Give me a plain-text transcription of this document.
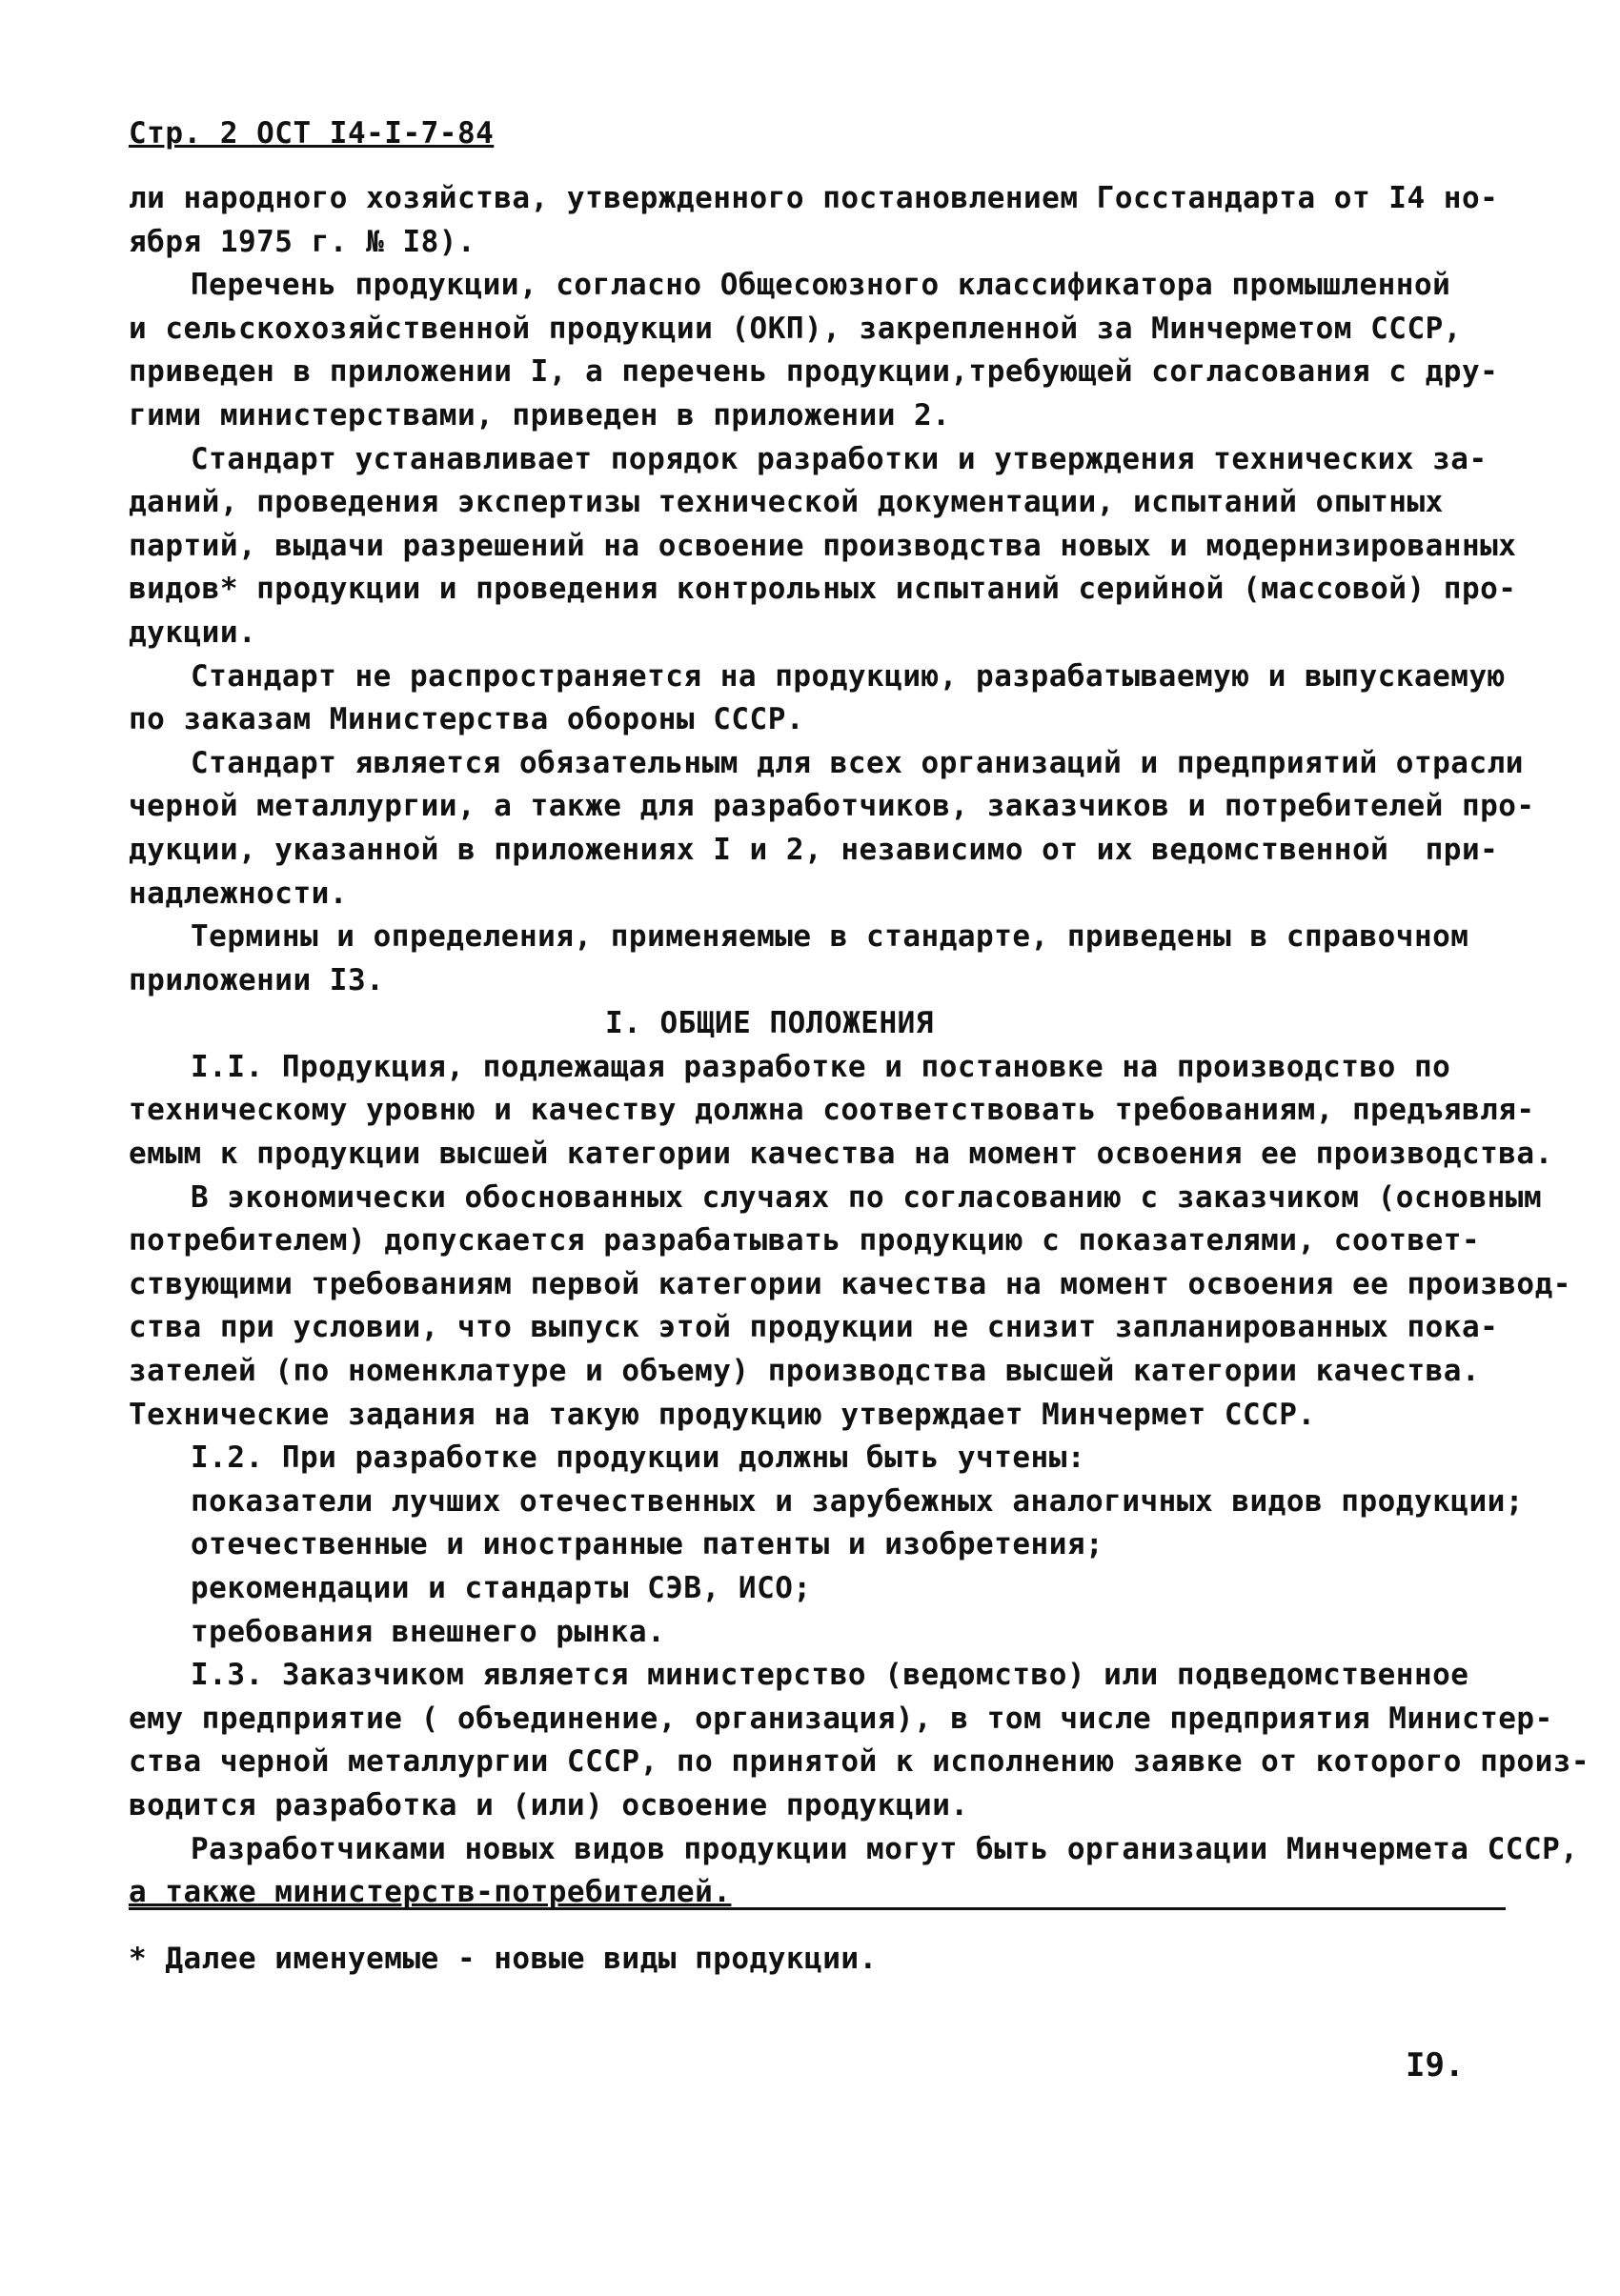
Стр. 2 ОСТ I4-I-7-84
ли народного хозяйства, утвержденного постановлением Госстандарта от I4 но-
ября 1975 г. № I8).
Перечень продукции, согласно Общесоюзного классификатора промышленной
и сельскохозяйственной продукции (ОКП), закрепленной за Минчерметом СССР,
приведен в приложении I, а перечень продукции,требующей согласования с дру-
гими министерствами, приведен в приложении 2.
Стандарт устанавливает порядок разработки и утверждения технических за-
даний, проведения экспертизы технической документации, испытаний опытных
партий, выдачи разрешений на освоение производства новых и модернизированных
видов* продукции и проведения контрольных испытаний серийной (массовой) про-
дукции.
Стандарт не распространяется на продукцию, разрабатываемую и выпускаемую
по заказам Министерства обороны СССР.
Стандарт является обязательным для всех организаций и предприятий отрасли
черной металлургии, а также для разработчиков, заказчиков и потребителей про-
дукции, указанной в приложениях I и 2, независимо от их ведомственной  при-
надлежности.
Термины и определения, применяемые в стандарте, приведены в справочном
приложении I3.
I. ОБЩИЕ ПОЛОЖЕНИЯ
I.I. Продукция, подлежащая разработке и постановке на производство по
техническому уровню и качеству должна соответствовать требованиям, предъявля-
емым к продукции высшей категории качества на момент освоения ее производства.
В экономически обоснованных случаях по согласованию с заказчиком (основным
потребителем) допускается разрабатывать продукцию с показателями, соответ-
ствующими требованиям первой категории качества на момент освоения ее производ-
ства при условии, что выпуск этой продукции не снизит запланированных пока-
зателей (по номенклатуре и объему) производства высшей категории качества.
Технические задания на такую продукцию утверждает Минчермет СССР.
I.2. При разработке продукции должны быть учтены:
показатели лучших отечественных и зарубежных аналогичных видов продукции;
отечественные и иностранные патенты и изобретения;
рекомендации и стандарты СЭВ, ИСО;
требования внешнего рынка.
I.3. Заказчиком является министерство (ведомство) или подведомственное
ему предприятие ( объединение, организация), в том числе предприятия Министер-
ства черной металлургии СССР, по принятой к исполнению заявке от которого произ-
водится разработка и (или) освоение продукции.
Разработчиками новых видов продукции могут быть организации Минчермета СССР,
а также министерств-потребителей.
* Далее именуемые - новые виды продукции.
I9.
